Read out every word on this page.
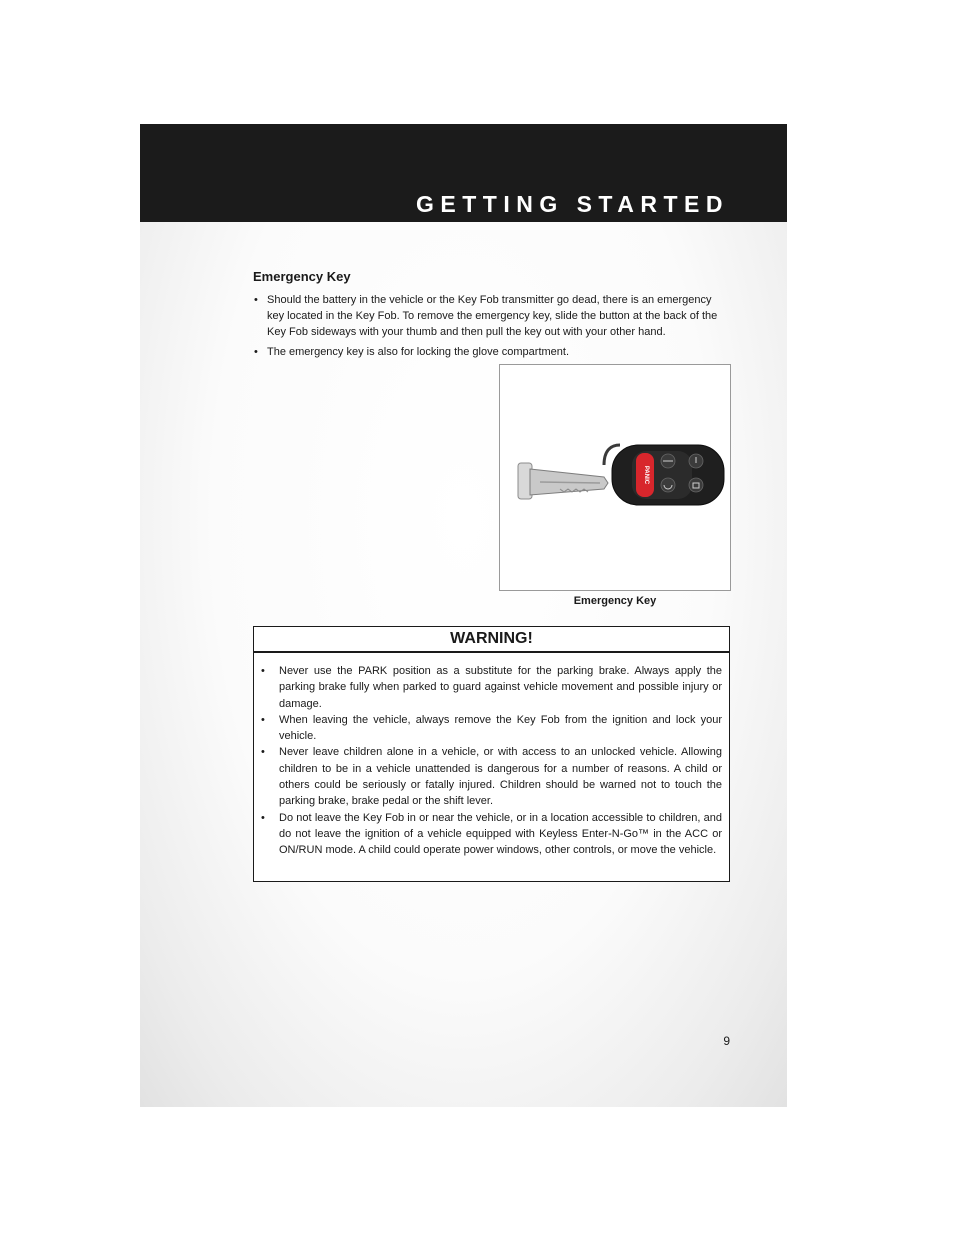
GETTING STARTED
Emergency Key
• Should the battery in the vehicle or the Key Fob transmitter go dead, there is an emergency key located in the Key Fob. To remove the emergency key, slide the button at the back of the Key Fob sideways with your thumb and then pull the key out with your other hand.
• The emergency key is also for locking the glove compartment.
PANIC
Emergency Key
WARNING!
• Never use the PARK position as a substitute for the parking brake. Always apply the parking brake fully when parked to guard against vehicle movement and possible injury or damage.
• When leaving the vehicle, always remove the Key Fob from the ignition and lock your vehicle.
• Never leave children alone in a vehicle, or with access to an unlocked vehicle. Allowing children to be in a vehicle unattended is dangerous for a number of reasons. A child or others could be seriously or fatally injured. Children should be warned not to touch the parking brake, brake pedal or the shift lever.
• Do not leave the Key Fob in or near the vehicle, or in a location accessible to children, and do not leave the ignition of a vehicle equipped with Keyless Enter-N-Go™ in the ACC or ON/RUN mode. A child could operate power windows, other controls, or move the vehicle.
9
